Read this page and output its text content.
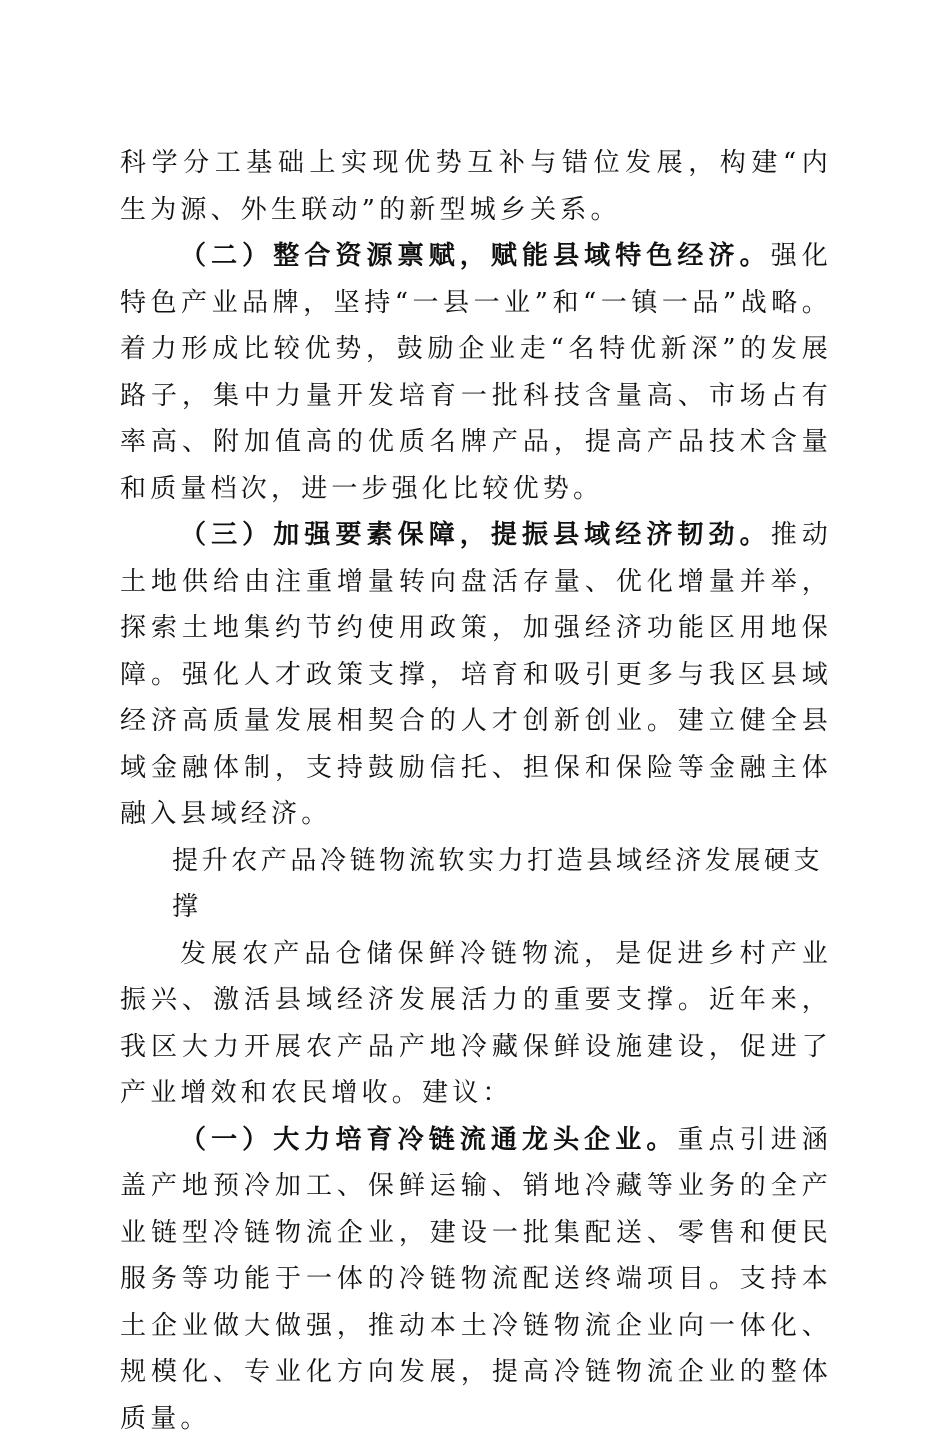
科学分工基础上实现优势互补与错位发展，构建“内生为源、外生联动”的新型城乡关系。

（二）整合资源禀赋，赋能县域特色经济。强化特色产业品牌，坚持“一县一业”和“一镇一品”战略。着力形成比较优势，鼓励企业走“名特优新深”的发展路子，集中力量开发培育一批科技含量高、市场占有率高、附加值高的优质名牌产品，提高产品技术含量和质量档次，进一步强化比较优势。

（三）加强要素保障，提振县域经济韧劲。推动土地供给由注重增量转向盘活存量、优化增量并举，探索土地集约节约使用政策，加强经济功能区用地保障。强化人才政策支撑，培育和吸引更多与我区县域经济高质量发展相契合的人才创新创业。建立健全县域金融体制，支持鼓励信托、担保和保险等金融主体融入县域经济。

提升农产品冷链物流软实力打造县域经济发展硬支撑

发展农产品仓储保鲜冷链物流，是促进乡村产业振兴、激活县域经济发展活力的重要支撑。近年来，我区大力开展农产品产地冷藏保鲜设施建设，促进了产业增效和农民增收。建议：

（一）大力培育冷链流通龙头企业。重点引进涵盖产地预冷加工、保鲜运输、销地冷藏等业务的全产业链型冷链物流企业，建设一批集配送、零售和便民服务等功能于一体的冷链物流配送终端项目。支持本土企业做大做强，推动本土冷链物流企业向一体化、规模化、专业化方向发展，提高冷链物流企业的整体质量。
